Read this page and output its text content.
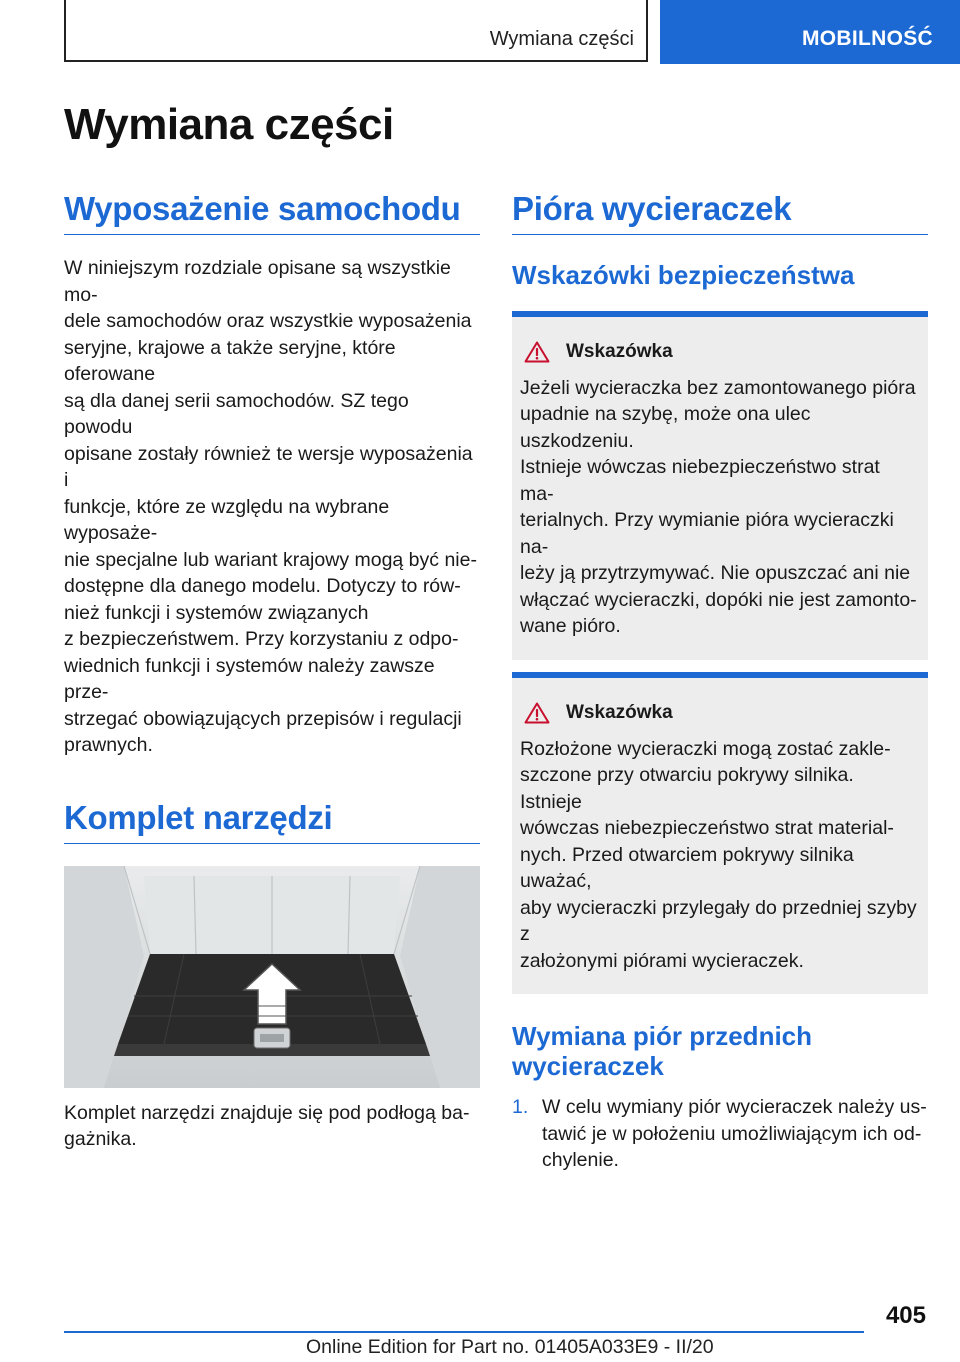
Wymiana części	MOBILNOŚĆ
Wymiana części
Wyposażenie samochodu

W niniejszym rozdziale opisane są wszystkie mo‐
dele samochodów oraz wszystkie wyposażenia
seryjne, krajowe a także seryjne, które oferowane
są dla danej serii samochodów. SZ tego powodu
opisane zostały również te wersje wyposażenia i
funkcje, które ze względu na wybrane wyposaże‐
nie specjalne lub wariant krajowy mogą być nie‐
dostępne dla danego modelu. Dotyczy to rów‐
nież funkcji i systemów związanych
z bezpieczeństwem. Przy korzystaniu z odpo‐
wiednich funkcji i systemów należy zawsze prze‐
strzegać obowiązujących przepisów i regulacji
prawnych.

Komplet narzędzi

Komplet narzędzi znajduje się pod podłogą ba‐
gażnika.

Pióra wycieraczek
Wskazówki bezpieczeństwa
Wskazówka

Jeżeli wycieraczka bez zamontowanego pióra
upadnie na szybę, może ona ulec uszkodzeniu.
Istnieje wówczas niebezpieczeństwo strat ma‐
terialnych. Przy wymianie pióra wycieraczki na‐
leży ją przytrzymywać. Nie opuszczać ani nie
włączać wycieraczki, dopóki nie jest zamonto‐
wane pióro.

Wskazówka

Rozłożone wycieraczki mogą zostać zakle‐
szczone przy otwarciu pokrywy silnika. Istnieje
wówczas niebezpieczeństwo strat material‐
nych. Przed otwarciem pokrywy silnika uważać,
aby wycieraczki przylegały do przedniej szyby z
założonymi piórami wycieraczek.

Wymiana piór przednich wycieraczek
1. W celu wymiany piór wycieraczek należy us‐
tawić je w położeniu umożliwiającym ich od‐
chylenie.
405
Online Edition for Part no. 01405A033E9 - II/20
